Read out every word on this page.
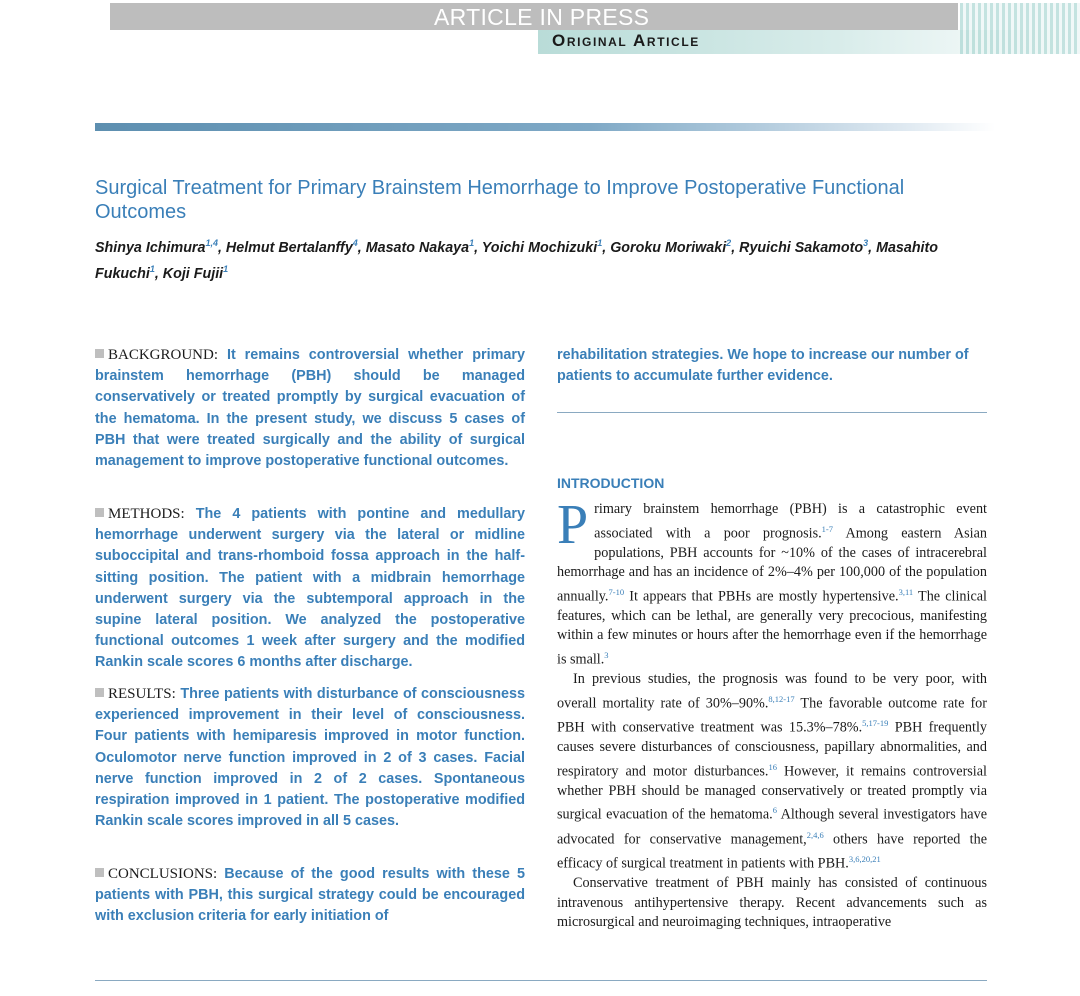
ARTICLE IN PRESS
Original Article
Surgical Treatment for Primary Brainstem Hemorrhage to Improve Postoperative Functional Outcomes
Shinya Ichimura$^{1,4}$, Helmut Bertalanffy$^4$, Masato Nakaya$^1$, Yoichi Mochizuki$^1$, Goroku Moriwaki$^2$, Ryuichi Sakamoto$^3$, Masahito Fukuchi$^1$, Koji Fujii$^1$
BACKGROUND: It remains controversial whether primary brainstem hemorrhage (PBH) should be managed conservatively or treated promptly by surgical evacuation of the hematoma. In the present study, we discuss 5 cases of PBH that were treated surgically and the ability of surgical management to improve postoperative functional outcomes.
METHODS: The 4 patients with pontine and medullary hemorrhage underwent surgery via the lateral or midline suboccipital and trans-rhomboid fossa approach in the half-sitting position. The patient with a midbrain hemorrhage underwent surgery via the subtemporal approach in the supine lateral position. We analyzed the postoperative functional outcomes 1 week after surgery and the modified Rankin scale scores 6 months after discharge.
RESULTS: Three patients with disturbance of consciousness experienced improvement in their level of consciousness. Four patients with hemiparesis improved in motor function. Oculomotor nerve function improved in 2 of 3 cases. Facial nerve function improved in 2 of 2 cases. Spontaneous respiration improved in 1 patient. The postoperative modified Rankin scale scores improved in all 5 cases.
CONCLUSIONS: Because of the good results with these 5 patients with PBH, this surgical strategy could be encouraged with exclusion criteria for early initiation of
rehabilitation strategies. We hope to increase our number of patients to accumulate further evidence.
INTRODUCTION

Primary brainstem hemorrhage (PBH) is a catastrophic event associated with a poor prognosis.$^{1-7}$ Among eastern Asian populations, PBH accounts for ~10% of the cases of intracerebral hemorrhage and has an incidence of 2%–4% per 100,000 of the population annually.$^{7-10}$ It appears that PBHs are mostly hypertensive.$^{3,11}$ The clinical features, which can be lethal, are generally very precocious, manifesting within a few minutes or hours after the hemorrhage even if the hemorrhage is small.$^3$

In previous studies, the prognosis was found to be very poor, with overall mortality rate of 30%–90%.$^{8,12-17}$ The favorable outcome rate for PBH with conservative treatment was 15.3%–78%.$^{5,17-19}$ PBH frequently causes severe disturbances of consciousness, papillary abnormalities, and respiratory and motor disturbances.$^{16}$ However, it remains controversial whether PBH should be managed conservatively or treated promptly via surgical evacuation of the hematoma.$^6$ Although several investigators have advocated for conservative management,$^{2,4,6}$ others have reported the efficacy of surgical treatment in patients with PBH.$^{3,6,20,21}$

Conservative treatment of PBH mainly has consisted of continuous intravenous antihypertensive therapy. Recent advancements such as microsurgical and neuroimaging techniques, intraoperative
